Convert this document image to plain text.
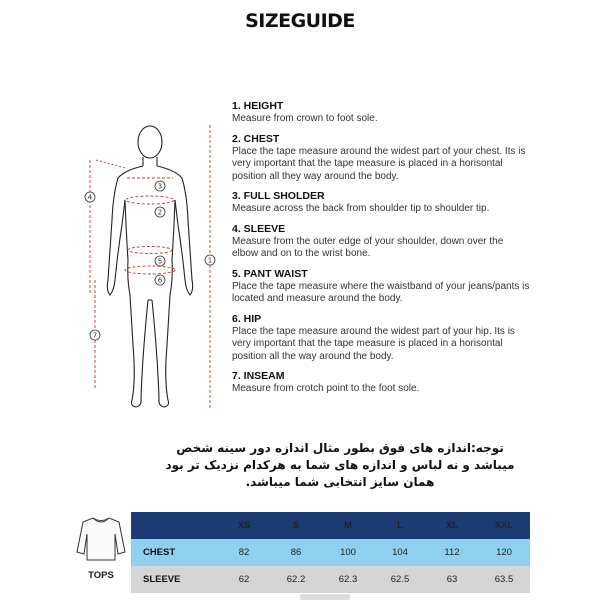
SIZEGUIDE
1
2
3
4
5
6
7
1. HEIGHT
Measure from crown to foot sole.
2. CHEST
Place the tape measure around the widest part of your chest. Its is very important that the tape measure is placed in a horisontal position all they way around the body.
3. FULL SHOLDER
Measure across the back from shoulder tip to shoulder tip.
4. SLEEVE
Measure from the outer edge of your shoulder, down over the elbow and on to the wrist bone.
5. PANT WAIST
Place the tape measure where the waistband of your jeans/pants is located and measure around the body.
6. HIP
Place the tape measure around the widest part of your hip. Its is very important that the tape measure is placed in a horisontal position all the way around the body.
7. INSEAM
Measure from crotch point to the foot sole.
توجه:اندازه های فوق بطور مثال اندازه دور سینه شخص
میباشد و نه لباس و اندازه های شما به هرکدام نزدیک تر بود
همان سایز انتخابی شما میباشد.
TOPS
	XS	S	M	L	XL	XXL
CHEST	82	86	100	104	112	120
SLEEVE	62	62.2	62.3	62.5	63	63.5
